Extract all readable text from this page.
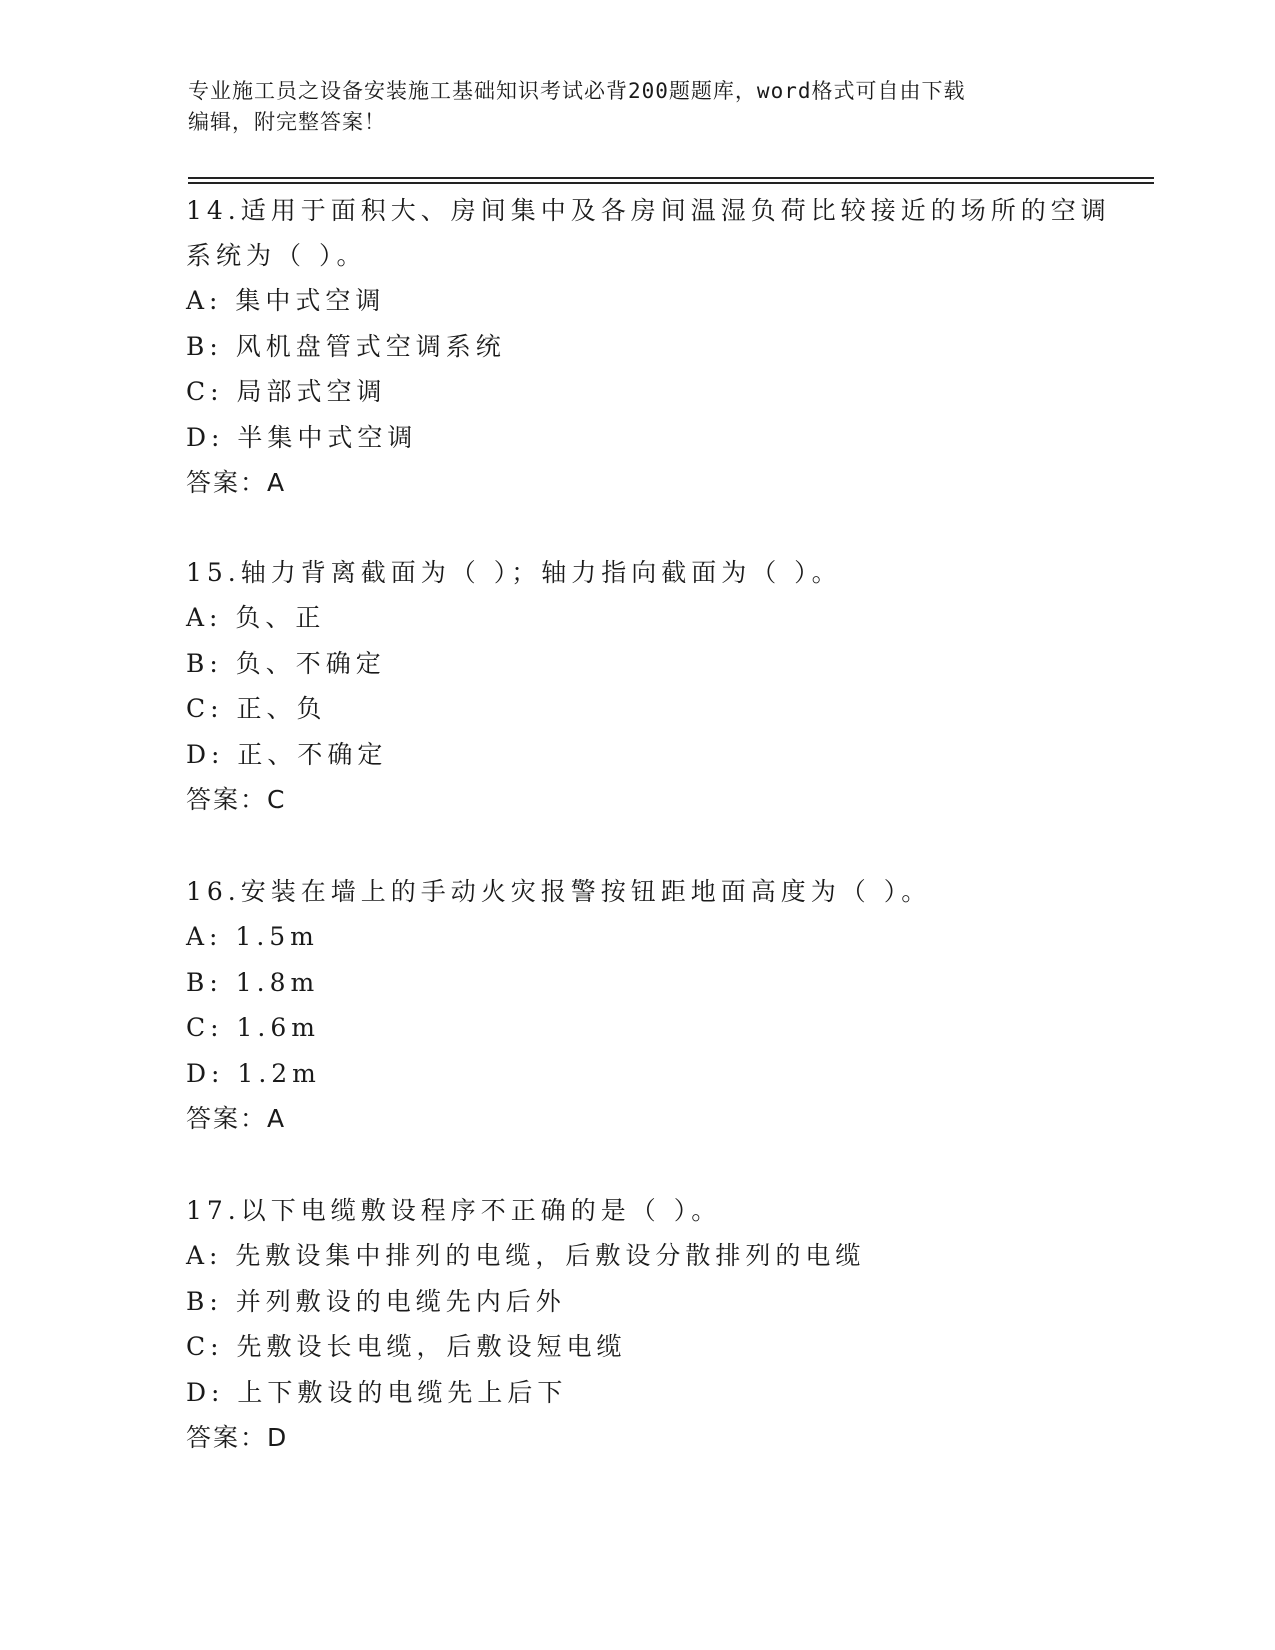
专业施工员之设备安装施工基础知识考试必背200题题库，word格式可自由下载
编辑，附完整答案！
14.适用于面积大、房间集中及各房间温湿负荷比较接近的场所的空调
系统为（ ）。
A: 集中式空调
B: 风机盘管式空调系统
C: 局部式空调
D: 半集中式空调
答案：A
15.轴力背离截面为（ ）；轴力指向截面为（ ）。
A: 负、正
B: 负、不确定
C: 正、负
D: 正、不确定
答案：C
16.安装在墙上的手动火灾报警按钮距地面高度为（ ）。
A: 1.5m
B: 1.8m
C: 1.6m
D: 1.2m
答案：A
17.以下电缆敷设程序不正确的是（ ）。
A: 先敷设集中排列的电缆，后敷设分散排列的电缆
B: 并列敷设的电缆先内后外
C: 先敷设长电缆，后敷设短电缆
D: 上下敷设的电缆先上后下
答案：D
